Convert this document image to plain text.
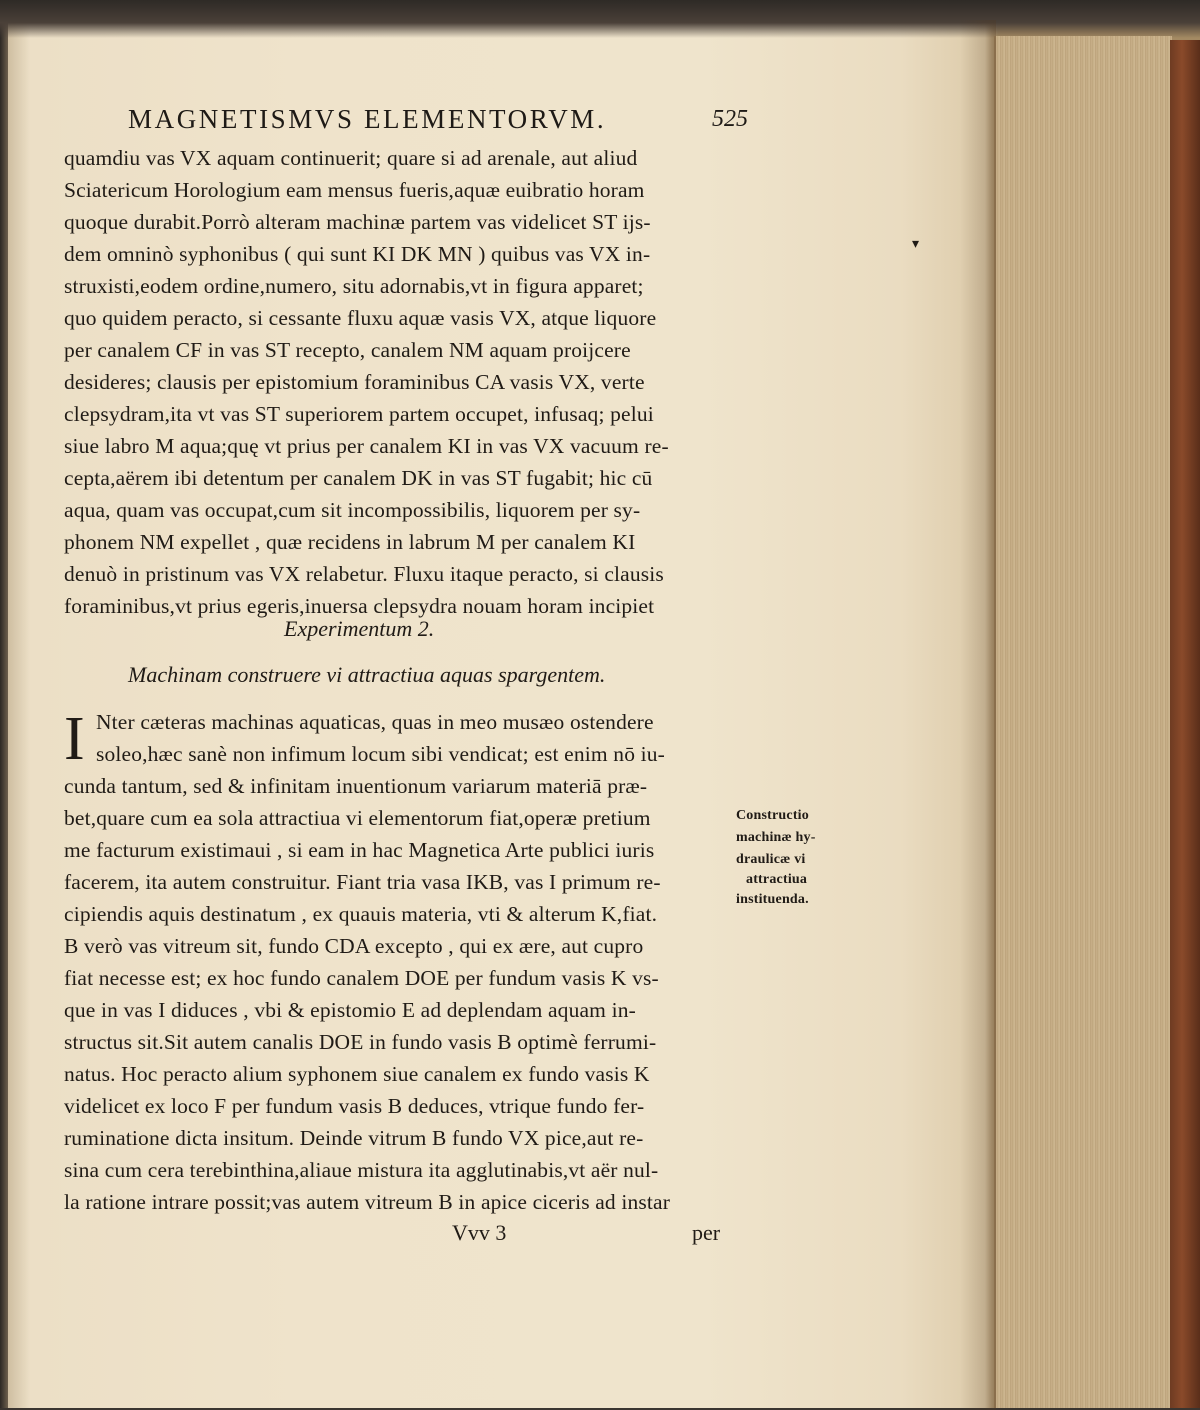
MAGNETISMVS ELEMENTORVM.	525
quamdiu vas VX aquam continuerit; quare si ad arenale, aut aliud
Sciatericum Horologium eam mensus fueris,aquæ euibratio horam
quoque durabit.Porrò alteram machinæ partem vas videlicet ST ijs-
dem omninò syphonibus ( qui sunt KI DK MN ) quibus vas VX in-
struxisti,eodem ordine,numero, situ adornabis,vt in figura apparet;
quo quidem peracto, si cessante fluxu aquæ vasis VX, atque liquore
per canalem CF in vas ST recepto, canalem NM aquam proijcere
desideres; clausis per epistomium foraminibus CA vasis VX, verte
clepsydram,ita vt vas ST superiorem partem occupet, infusaq; pelui
siue labro M aqua;quę vt prius per canalem KI in vas VX vacuum re-
cepta,aërem ibi detentum per canalem DK in vas ST fugabit; hic cū
aqua, quam vas occupat,cum sit incompossibilis, liquorem per sy-
phonem NM expellet , quæ recidens in labrum M per canalem KI
denuò in pristinum vas VX relabetur. Fluxu itaque peracto, si clausis
foraminibus,vt prius egeris,inuersa clepsydra nouam horam incipiet
Experimentum 2.
Machinam construere vi attractiua aquas spargentem.
I Nter cæteras machinas aquaticas, quas in meo musæo ostendere
soleo,hæc sanè non infimum locum sibi vendicat; est enim nō iu-
cunda tantum, sed & infinitam inuentionum variarum materiā præ-
bet,quare cum ea sola attractiua vi elementorum fiat,operæ pretium
me facturum existimaui , si eam in hac Magnetica Arte publici iuris
facerem, ita autem construitur. Fiant tria vasa IKB, vas I primum re-
cipiendis aquis destinatum , ex quauis materia, vti & alterum K,fiat.
B verò vas vitreum sit, fundo CDA excepto , qui ex ære, aut cupro
fiat necesse est; ex hoc fundo canalem DOE per fundum vasis K vs-
que in vas I diduces , vbi & epistomio E ad deplendam aquam in-
structus sit.Sit autem canalis DOE in fundo vasis B optimè ferrumi-
natus. Hoc peracto alium syphonem siue canalem ex fundo vasis K
videlicet ex loco F per fundum vasis B deduces, vtrique fundo fer-
ruminatione dicta insitum. Deinde vitrum B fundo VX pice,aut re-
sina cum cera terebinthina,aliaue mistura ita agglutinabis,vt aër nul-
la ratione intrare possit;vas autem vitreum B in apice ciceris ad instar
Constructio
machinæ hy-
draulicæ vi
attractiua
instituenda.
▾
Vvv 3	per
